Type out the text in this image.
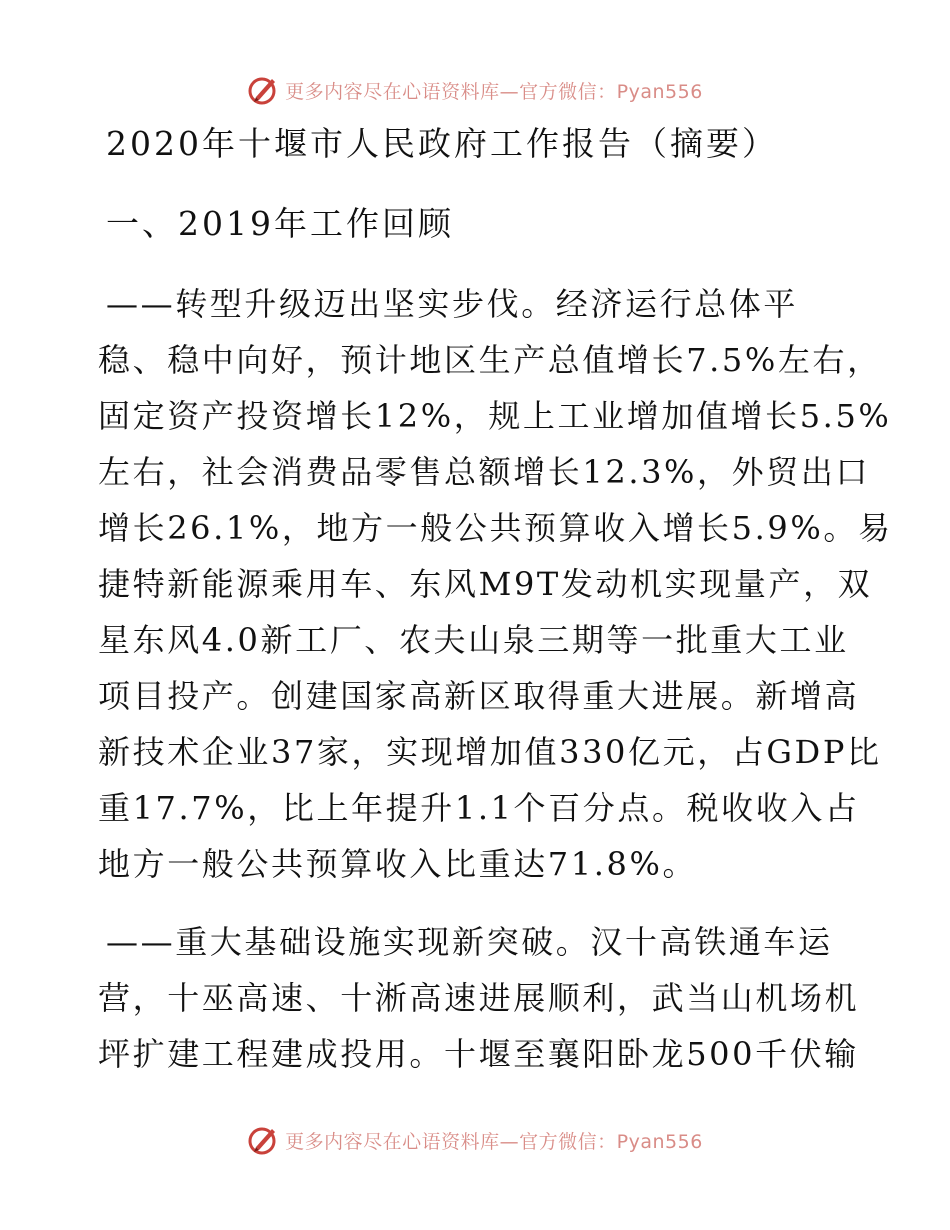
更多内容尽在心语资料库—官方微信：Pyan556
2020年十堰市人民政府工作报告（摘要）
一、2019年工作回顾
——转型升级迈出坚实步伐。经济运行总体平
稳、稳中向好，预计地区生产总值增长7.5%左右，
固定资产投资增长12%，规上工业增加值增长5.5%
左右，社会消费品零售总额增长12.3%，外贸出口
增长26.1%，地方一般公共预算收入增长5.9%。易
捷特新能源乘用车、东风M9T发动机实现量产，双
星东风4.0新工厂、农夫山泉三期等一批重大工业
项目投产。创建国家高新区取得重大进展。新增高
新技术企业37家，实现增加值330亿元，占GDP比
重17.7%，比上年提升1.1个百分点。税收收入占
地方一般公共预算收入比重达71.8%。
——重大基础设施实现新突破。汉十高铁通车运
营，十巫高速、十淅高速进展顺利，武当山机场机
坪扩建工程建成投用。十堰至襄阳卧龙500千伏输
更多内容尽在心语资料库—官方微信：Pyan556
